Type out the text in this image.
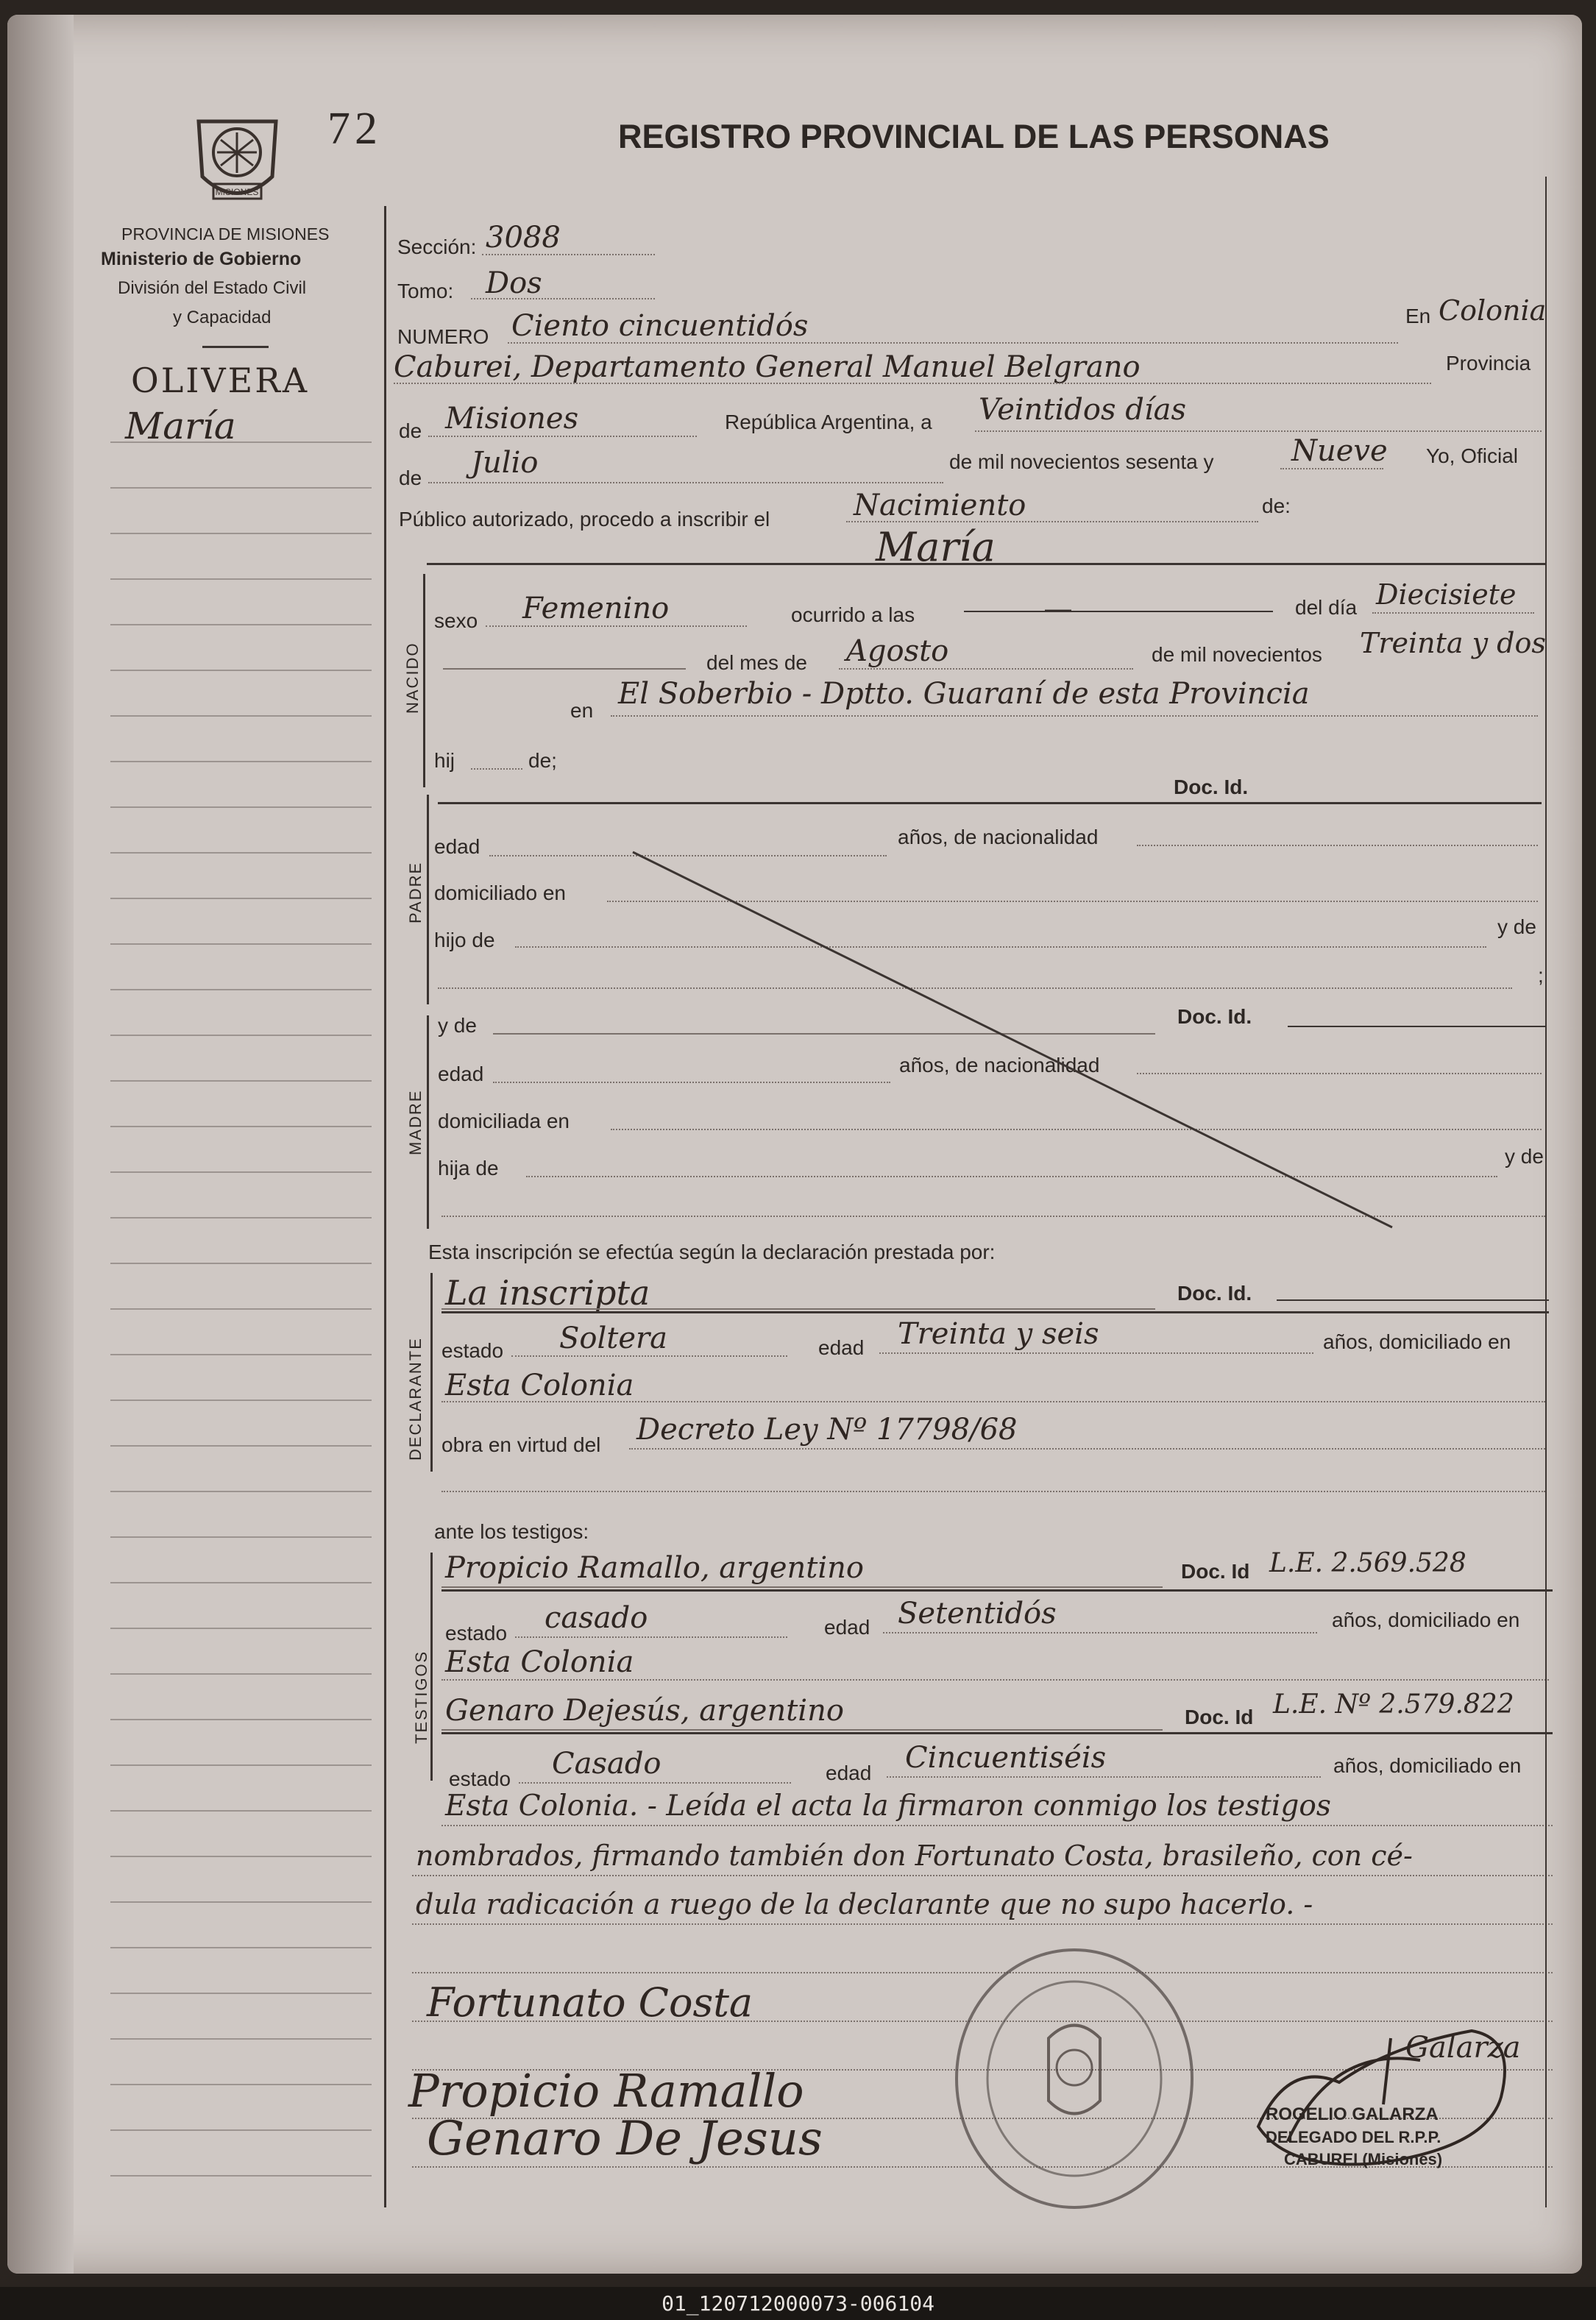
MISIONES
72	REGISTRO PROVINCIAL DE LAS PERSONAS
PROVINCIA DE MISIONES
Ministerio de Gobierno
División del Estado Civil
y Capacidad
OLIVERA
María
Sección: 3088
Tomo: Dos
NUMERO Ciento cincuentidós	En Colonia
Caburei, Departamento General Manuel Belgrano	Provincia
de Misiones	República Argentina, a Veintidos días
de Julio	de mil novecientos sesenta y	Nueve Yo, Oficial
Público autorizado, procedo a inscribir el	Nacimiento	de:
NACIDO
María
sexo Femenino	ocurrido a las	—	del día Diecisiete
del mes de Agosto	de mil novecientos Treinta y dos
en El Soberbio - Dptto. Guaraní de esta Provincia
hij	de;
PADRE
Doc. Id.
edad	años, de nacionalidad
domiciliado en
hijo de
y de
;
MADRE
y de	Doc. Id.
edad	años, de nacionalidad
domiciliada en
hija de
y de
Esta inscripción se efectúa según la declaración prestada por:
DECLARANTE
La inscripta	Doc. Id.
estado Soltera	edad Treinta y seis	años, domiciliado en
Esta Colonia
obra en virtud del Decreto Ley Nº 17798/68
ante los testigos:
TESTIGOS
Propicio Ramallo, argentino	Doc. Id L.E. 2.569.528
estado casado	edad Setentidós	años, domiciliado en
Esta Colonia
Genaro Dejesús, argentino	Doc. Id L.E. Nº 2.579.822
estado Casado	edad Cincuentiséis	años, domiciliado en
Esta Colonia. - Leída el acta la firmaron conmigo los testigos
nombrados, firmando también don Fortunato Costa, brasileño, con cé-
dula radicación a ruego de la declarante que no supo hacerlo. -
Fortunato Costa
Propicio Ramallo
Genaro De Jesus
Galarza
ROGELIO GALARZA
DELEGADO DEL R.P.P.
CABUREI (Misiones)
01_120712000073-006104
